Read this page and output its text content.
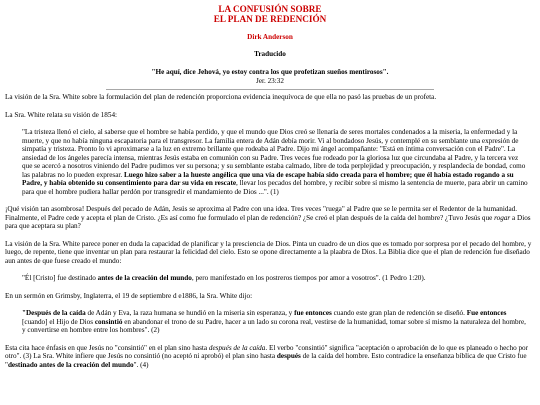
LA CONFUSIÓN SOBRE
EL PLAN DE REDENCIÓN
Dirk Anderson
Traducido
"He aquí, dice Jehová, yo estoy contra los que profetizan sueños mentirosos".
Jer. 23:32

La visión de la Sra. White sobre la formulación del plan de redención proporciona evidencia inequívoca de que ella no pasó las pruebas de un profeta.

La Sra. White relata su visión de 1854:

"La tristeza llenó el cielo, al saberse que el hombre se había perdido, y que el mundo que Dios creó se llenaría de seres mortales condenados a la miseria, la enfermedad y la muerte, y que no había ninguna escapatoria para el transgresor. La familia entera de Adán debía morir. Vi al bondadoso Jesús, y contemplé en su semblante una expresión de simpatía y tristeza. Pronto lo vi aproximarse a la luz en extremo brillante que rodeaba al Padre. Dijo mi ángel acompañante: "Está en íntima conversación con el Padre". La ansiedad de los ángeles parecía intensa, mientras Jesús estaba en comunión con su Padre. Tres veces fue rodeado por la gloriosa luz que circundaba al Padre, y la tercera vez que se acercó a nosotros viniendo del Padre pudimos ver su persona; y su semblante estaba calmado, libre de toda perplejidad y preocupación, y resplandecía de bondad, como las palabras no lo pueden expresar. Luego hizo saber a la hueste angélica que una vía de escape había sido creada para el hombre; que él había estado rogando a su Padre, y había obtenido su consentimiento para dar su vida en rescate, llevar los pecados del hombre, y recibir sobre sí mismo la sentencia de muerte, para abrir un camino para que el hombre pudiera hallar perdón por transgredir el mandamiento de Dios ...". (1)

¡Qué visión tan asombrosa! Después del pecado de Adán, Jesús se aproxima al Padre con una idea. Tres veces "ruega" al Padre que se le permita ser el Redentor de la humanidad. Finalmente, el Padre cede y acepta el plan de Cristo. ¿Es así como fue formulado el plan de redención? ¿Se creó el plan después de la caída del hombre? ¿Tuvo Jesús que rogar a Dios para que aceptara su plan?

La visión de la Sra. White parece poner en duda la capacidad de planificar y la presciencia de Dios. Pinta un cuadro de un dios que es tomado por sorpresa por el pecado del hombre, y luego, de repente, tiene que inventar un plan para restaurar la felicidad del cielo. Esto se opone directamente a la plaabra de Dios. La Biblia dice que el plan de redención fue diseñado aun antes de que fuese creado el mundo:

"Él [Cristo] fue destinado antes de la creación del mundo, pero manifestado en los postreros tiempos por amor a vosotros". (1 Pedro 1:20).

En un sermón en Grimsby, Inglaterra, el 19 de septiembre d e1886, la Sra. White dijo:

"Después de la caída de Adán y Eva, la raza humana se hundió en la miseria sin esperanza, y fue entonces cuando este gran plan de redención se diseñó. Fue entonces [cuando] el Hijo de Dios consintió en abandonar el trono de su Padre, hacer a un lado su corona real, vestirse de la humanidad, tomar sobre sí mismo la naturaleza del hombre, y convertirse en hombre entre los hombres". (2)

Esta cita hace énfasis en que Jesús no "consintió" en el plan sino hasta después de la caída. El verbo "consintió" significa "aceptación o aprobación de lo que es planeado o hecho por otro". (3) La Sra. White infiere que Jesús no consintió (no aceptó ni aprobó) el plan sino hasta después de la caída del hombre. Esto contradice la enseñanza bíblica de que Cristo fue "destinado antes de la creación del mundo". (4)
